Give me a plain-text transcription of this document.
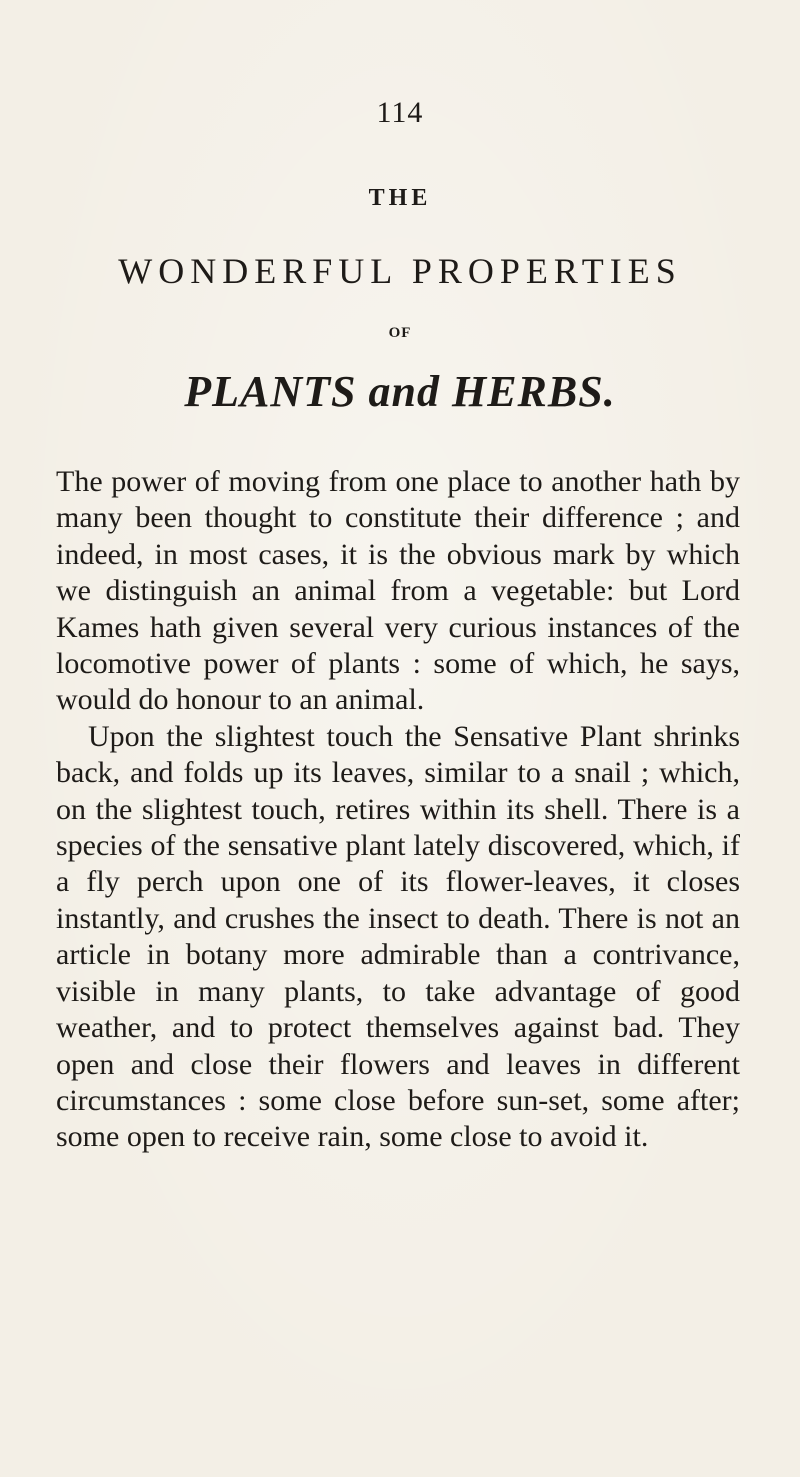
114
THE
WONDERFUL PROPERTIES
OF
PLANTS and HERBS.

The power of moving from one place to another hath by many been thought to constitute their difference ; and indeed, in most cases, it is the obvious mark by which we distinguish an animal from a vegetable: but Lord Kames hath given several very curious instances of the locomotive power of plants : some of which, he says, would do honour to an animal.

Upon the slightest touch the Sensative Plant shrinks back, and folds up its leaves, similar to a snail ; which, on the slightest touch, retires within its shell. There is a species of the sensative plant lately discovered, which, if a fly perch upon one of its flower-leaves, it closes instantly, and crushes the insect to death. There is not an article in botany more admirable than a contrivance, visible in many plants, to take advantage of good weather, and to protect themselves against bad. They open and close their flowers and leaves in different circumstances : some close before sun-set, some after; some open to receive rain, some close to avoid it.
